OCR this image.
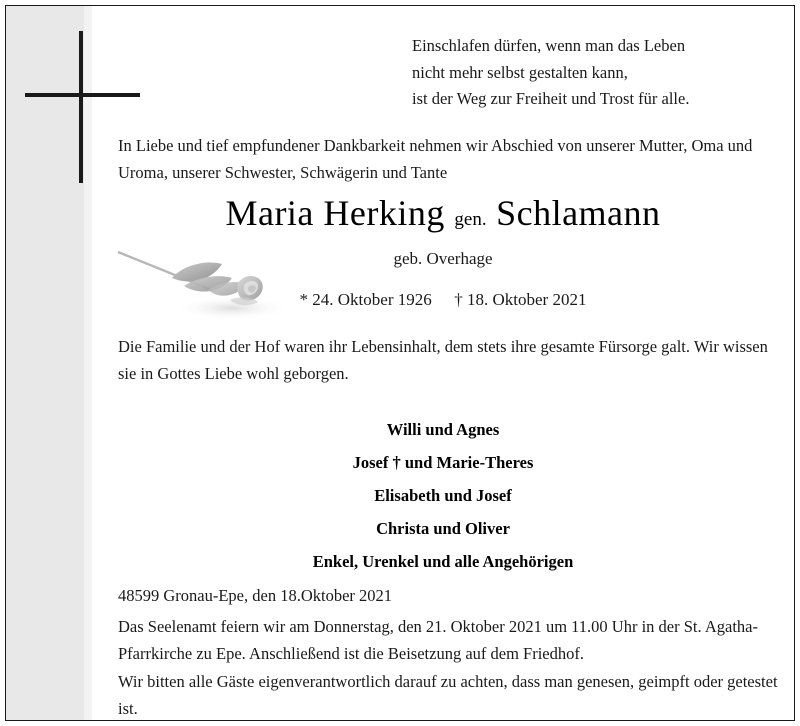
Einschlafen dürfen, wenn man das Leben
nicht mehr selbst gestalten kann,
ist der Weg zur Freiheit und Trost für alle.
In Liebe und tief empfundener Dankbarkeit nehmen wir Abschied von unserer Mutter, Oma und Uroma, unserer Schwester, Schwägerin und Tante
Maria Herking gen. Schlamann
geb. Overhage
* 24. Oktober 1926 † 18. Oktober 2021
Die Familie und der Hof waren ihr Lebensinhalt, dem stets ihre gesamte Fürsorge galt. Wir wissen sie in Gottes Liebe wohl geborgen.
Willi und Agnes
Josef † und Marie-Theres
Elisabeth und Josef
Christa und Oliver
Enkel, Urenkel und alle Angehörigen
48599 Gronau-Epe, den 18.Oktober 2021
Das Seelenamt feiern wir am Donnerstag, den 21. Oktober 2021 um 11.00 Uhr in der St. Agatha-Pfarrkirche zu Epe. Anschließend ist die Beisetzung auf dem Friedhof.
Wir bitten alle Gäste eigenverantwortlich darauf zu achten, dass man genesen, geimpft oder getestet ist.
